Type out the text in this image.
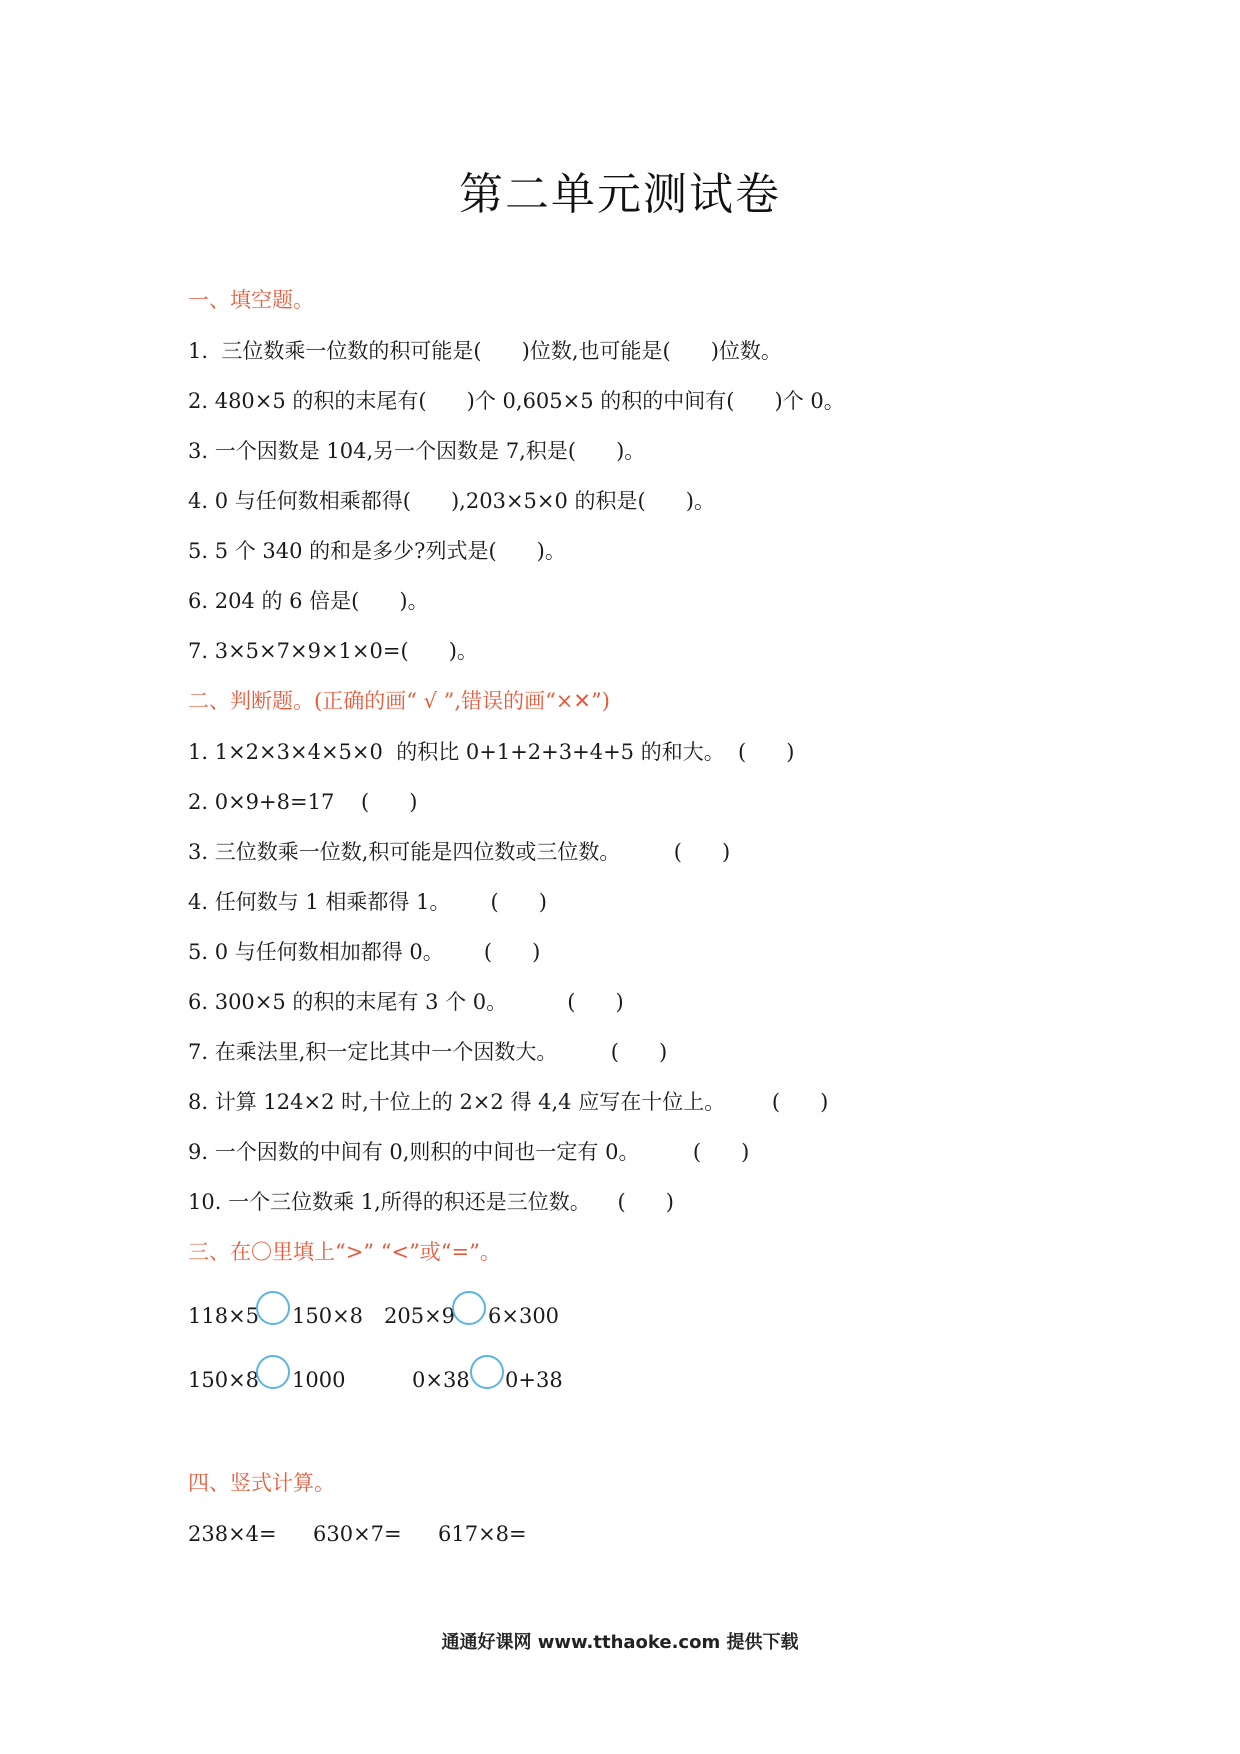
第二单元测试卷
一、填空题。
1.  三位数乘一位数的积可能是(      )位数,也可能是(      )位数。
2. 480×5 的积的末尾有(      )个 0,605×5 的积的中间有(      )个 0。
3. 一个因数是 104,另一个因数是 7,积是(      )。
4. 0 与任何数相乘都得(      ),203×5×0 的积是(      )。
5. 5 个 340 的和是多少?列式是(      )。
6. 204 的 6 倍是(      )。
7. 3×5×7×9×1×0=(      )。
二、判断题。(正确的画“ √ ”,错误的画“×✕”)
1. 1×2×3×4×5×0  的积比 0+1+2+3+4+5 的和大。  (      )
2. 0×9+8=17    (      )
3. 三位数乘一位数,积可能是四位数或三位数。        (      )
4. 任何数与 1 相乘都得 1。      (      )
5. 0 与任何数相加都得 0。      (      )
6. 300×5 的积的末尾有 3 个 0。         (      )
7. 在乘法里,积一定比其中一个因数大。        (      )
8. 计算 124×2 时,十位上的 2×2 得 4,4 应写在十位上。       (      )
9. 一个因数的中间有 0,则积的中间也一定有 0。        (      )
10. 一个三位数乘 1,所得的积还是三位数。    (      )
三、在〇里填上“>” “<”或“=”。
118×5 150×8 205×9 6×300
150×8 1000	0×38 0+38
四、竖式计算。
238×4= 630×7= 617×8=
通通好课网 www.tthaoke.com 提供下载
